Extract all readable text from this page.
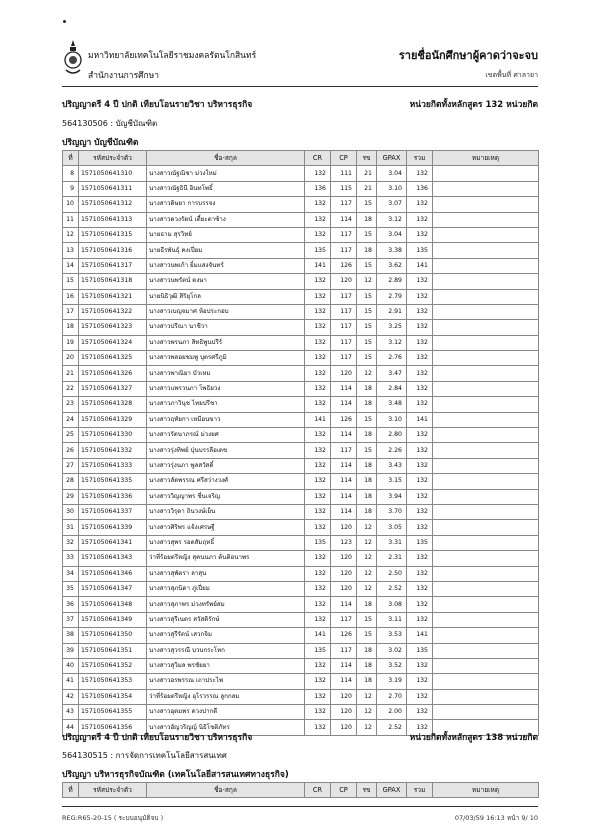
มหาวิทยาลัยเทคโนโลยีราชมงคลรัตนโกสินทร์
สำนักงานการศึกษา
รายชื่อนักศึกษาผู้คาดว่าจะจบ
เขตพื้นที่ ศาลายา
ปริญญาตรี 4 ปี ปกติ เทียบโอนรายวิชา บริหารธุรกิจ	หน่วยกิตทั้งหลักสูตร 132 หน่วยกิต
564130506 : บัญชีบัณฑิต
ปริญญา บัญชีบัณฑิต
ที่	รหัสประจำตัว	ชื่อ-สกุล	CR	CP	รข	GPAX	รวม	หมายเหตุ
8	1571050641310	นางสาวณัฐณิชา ม่วงใหม่	132	111	21	3.04	132	
9	1571050641311	นางสาวณัฐธินี อินทโพธิ์	136	115	21	3.10	136	
10	1571050641312	นางสาวดิษยา การบรรจง	132	117	15	3.07	132	
11	1571050641313	นางสาวดวงรัตน์ เตี้ยะตาซ้าง	132	114	18	3.12	132	
12	1571050641315	นายธาม สุรวิทย์	132	117	15	3.04	132	
13	1571050641316	นายธีรพันธุ์ คงเปี่ยม	135	117	18	3.38	135	
14	1571050641317	นางสาวนพเก้า ยิ้มแสงจันทร์	141	126	15	3.62	141	
15	1571050641318	นางสาวนพรัตน์ ดงษา	132	120	12	2.89	132	
16	1571050641321	นายนิธิวุฒิ สิริยุโกล	132	117	15	2.79	132	
17	1571050641322	นางสาวเบญจมาศ ห้อประกอบ	132	117	15	2.91	132	
18	1571050641323	นางสาวปรีณา นาชีวา	132	117	15	3.25	132	
19	1571050641324	นางสาวพรนภา สิทธิพูนปรีร์	132	117	15	3.12	132	
20	1571050641325	นางสาวพลอยชมพู บุตรศรีภูมิ	132	117	15	2.76	132	
21	1571050641326	นางสาวพาณิยา บัวเหม	132	120	12	3.47	132	
22	1571050641327	นางสาวแพรวนภา โพธิยวง	132	114	18	2.84	132	
23	1571050641328	นางสาวภาวินุช ไทยปรีชา	132	114	18	3.48	132	
24	1571050641329	นางสาวฤทัยกา เหมือนขาว	141	126	15	3.10	141	
25	1571050641330	นางสาวรัตนาภรณ์ ม่วงยศ	132	114	18	2.80	132	
26	1571050641332	นางสาวรุ่งทิพย์ ปุ่นบรรลือเดช	132	117	15	2.26	132	
27	1571050641333	นางสาวรุ่งนภา พูลสวัสดิ์	132	114	18	3.43	132	
28	1571050641335	นางสาวลัดพรรณ ศรีสว่างวงศ์	132	114	18	3.15	132	
29	1571050641336	นางสาววิญญาพร ชื่นเจริญ	132	114	18	3.94	132	
30	1571050641337	นางสาววิรุดา ถินวงษ์เย็น	132	114	18	3.70	132	
31	1571050641339	นางสาวศิริพร แจ้งเศรษฐี	132	120	12	3.05	132	
32	1571050641341	นางสาวสุพร รอดสัมฤทธิ์	135	123	12	3.31	135	
33	1571050641343	ว่าที่ร้อยตรีหญิง สุคนนภา ต้นติอนาพร	132	120	12	2.31	132	
34	1571050641346	นางสาวสุพัตรา ลาสุน	132	120	12	2.50	132	
35	1571050641347	นางสาวสุภนิดา ภู่เปี่ยม	132	120	12	2.52	132	
36	1571050641348	นางสาวสุภาพร ม่วงทรัพย์สม	132	114	18	3.08	132	
37	1571050641349	นางสาวสุรีเนตร สวัสดิรักษ์	132	117	15	3.11	132	
38	1571050641350	นางสาวสุรีรัตน์ เสวกจิม	141	126	15	3.53	141	
39	1571050641351	นางสาวสุวรรณี บวบกระโทก	135	117	18	3.02	135	
40	1571050641352	นางสาวสุวิมล พรชัยยา	132	114	18	3.52	132	
41	1571050641353	นางสาวอรพรรณ เถาประไพ	132	114	18	3.19	132	
42	1571050641354	ว่าที่ร้อยตรีหญิง อุไรวรรณ ลูกกลม	132	120	12	2.70	132	
43	1571050641355	นางสาวอุดมพร ดวงปากดี	132	120	12	2.00	132	
44	1571050641356	นางสาวอัญวริญญ์ นิธิโชติภัทร	132	120	12	2.52	132	
ปริญญาตรี 4 ปี ปกติ เทียบโอนรายวิชา บริหารธุรกิจ	หน่วยกิตทั้งหลักสูตร 138 หน่วยกิต
564130515 : การจัดการเทคโนโลยีสารสนเทศ
ปริญญา บริหารธุรกิจบัณฑิต (เทคโนโลยีสารสนเทศทางธุรกิจ)
ที่	รหัสประจำตัว	ชื่อ-สกุล	CR	CP	รข	GPAX	รวม	หมายเหตุ
REG:R65-20-15 ( ระบบอนุมัติจบ )	07/03/59 16:13 หน้า 9/ 10
